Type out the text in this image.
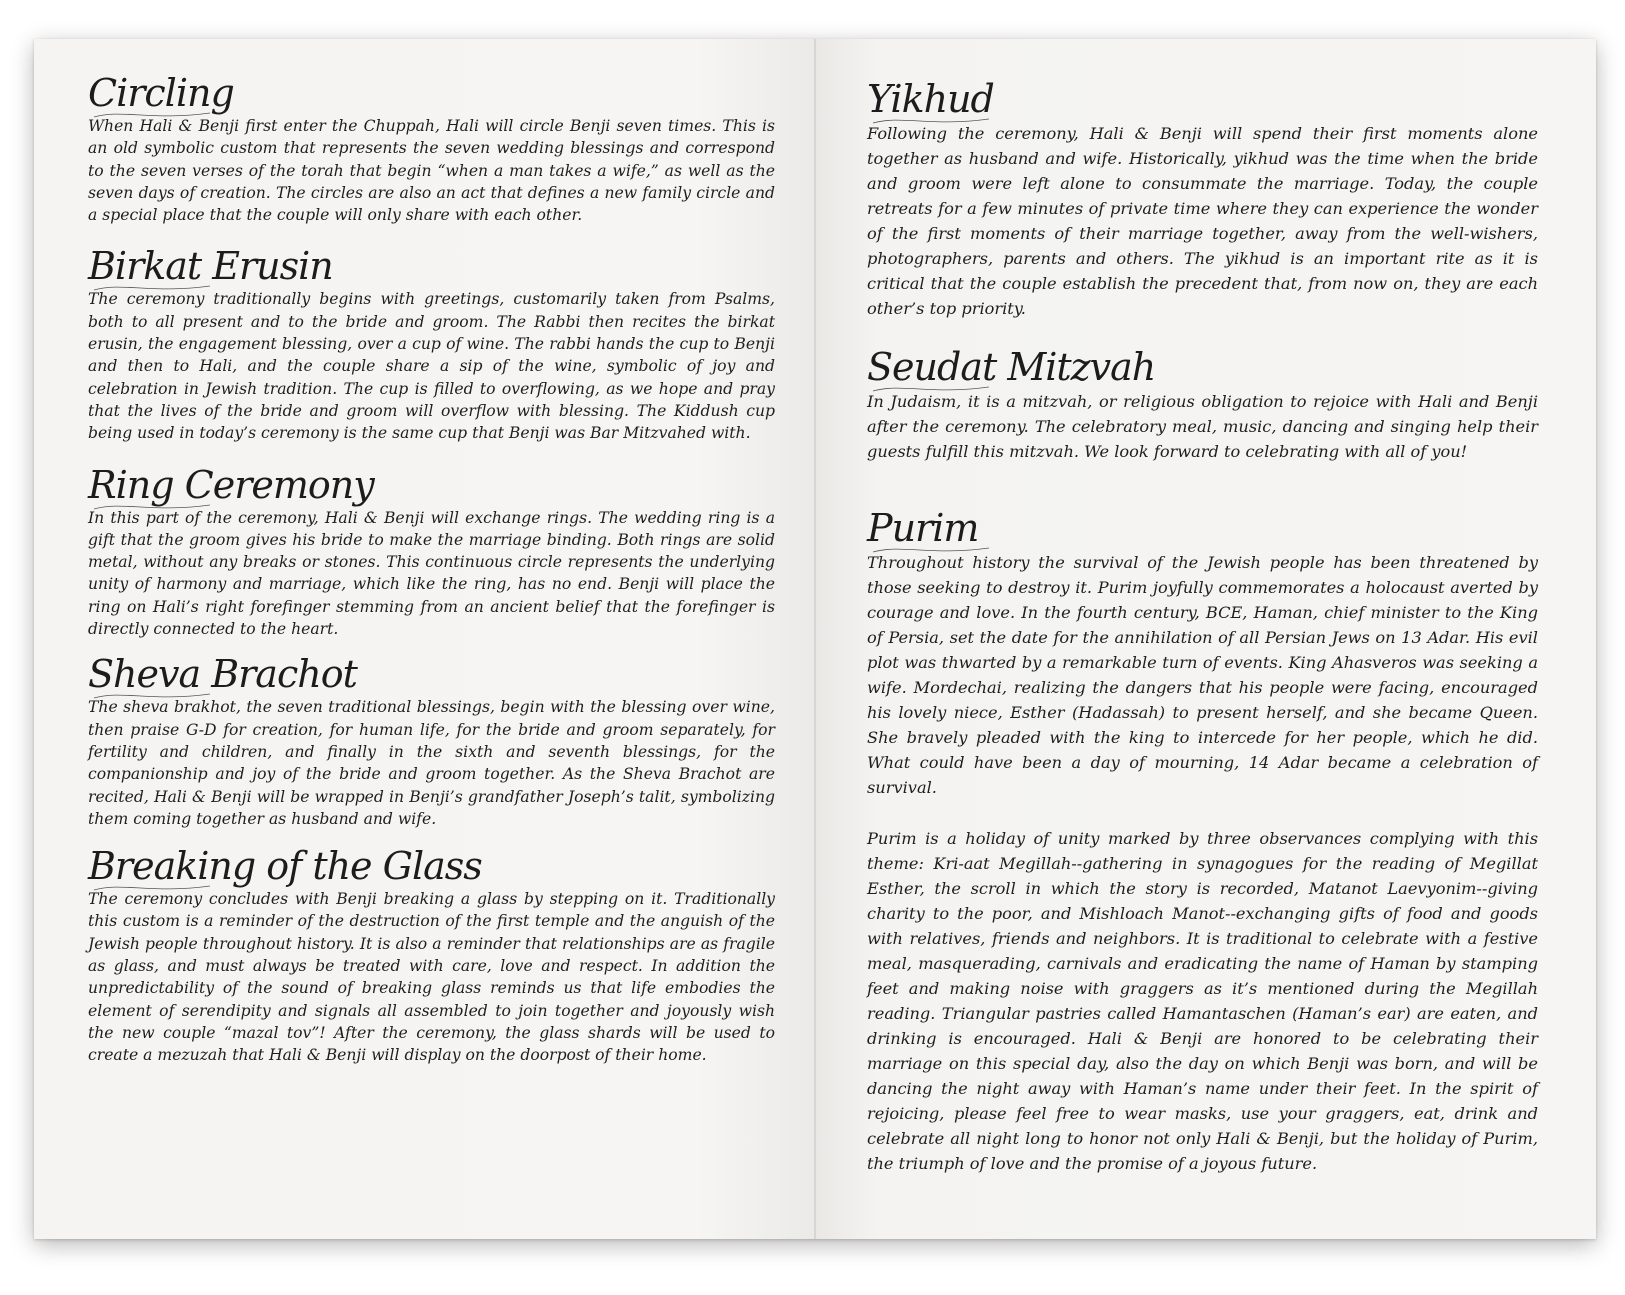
Circling

When Hali & Benji first enter the Chuppah, Hali will circle Benji seven times. This is an old symbolic custom that represents the seven wedding blessings and correspond to the seven verses of the torah that begin “when a man takes a wife,” as well as the seven days of creation. The circles are also an act that defines a new family circle and a special place that the couple will only share with each other.

Birkat Erusin

The ceremony traditionally begins with greetings, customarily taken from Psalms, both to all present and to the bride and groom. The Rabbi then recites the birkat erusin, the engagement blessing, over a cup of wine. The rabbi hands the cup to Benji and then to Hali, and the couple share a sip of the wine, symbolic of joy and celebration in Jewish tradition. The cup is filled to overflowing, as we hope and pray that the lives of the bride and groom will overflow with blessing. The Kiddush cup being used in today’s ceremony is the same cup that Benji was Bar Mitzvahed with.

Ring Ceremony

In this part of the ceremony, Hali & Benji will exchange rings. The wedding ring is a gift that the groom gives his bride to make the marriage binding. Both rings are solid metal, without any breaks or stones. This continuous circle represents the underlying unity of harmony and marriage, which like the ring, has no end. Benji will place the ring on Hali’s right forefinger stemming from an ancient belief that the forefinger is directly connected to the heart.

Sheva Brachot

The sheva brakhot, the seven traditional blessings, begin with the blessing over wine, then praise G-D for creation, for human life, for the bride and groom separately, for fertility and children, and finally in the sixth and seventh blessings, for the companionship and joy of the bride and groom together. As the Sheva Brachot are recited, Hali & Benji will be wrapped in Benji’s grandfather Joseph’s talit, symbolizing them coming together as husband and wife.

Breaking of the Glass

The ceremony concludes with Benji breaking a glass by stepping on it. Traditionally this custom is a reminder of the destruction of the first temple and the anguish of the Jewish people throughout history. It is also a reminder that relationships are as fragile as glass, and must always be treated with care, love and respect. In addition the unpredictability of the sound of breaking glass reminds us that life embodies the element of serendipity and signals all assembled to join together and joyously wish the new couple “mazal tov”! After the ceremony, the glass shards will be used to create a mezuzah that Hali & Benji will display on the doorpost of their home.

Yikhud

Following the ceremony, Hali & Benji will spend their first moments alone together as husband and wife. Historically, yikhud was the time when the bride and groom were left alone to consummate the marriage. Today, the couple retreats for a few minutes of private time where they can experience the wonder of the first moments of their marriage together, away from the well-wishers, photographers, parents and others. The yikhud is an important rite as it is critical that the couple establish the precedent that, from now on, they are each other’s top priority.

Seudat Mitzvah

In Judaism, it is a mitzvah, or religious obligation to rejoice with Hali and Benji after the ceremony. The celebratory meal, music, dancing and singing help their guests fulfill this mitzvah. We look forward to celebrating with all of you!

Purim

Throughout history the survival of the Jewish people has been threatened by those seeking to destroy it. Purim joyfully commemorates a holocaust averted by courage and love. In the fourth century, BCE, Haman, chief minister to the King of Persia, set the date for the annihilation of all Persian Jews on 13 Adar. His evil plot was thwarted by a remarkable turn of events. King Ahasveros was seeking a wife. Mordechai, realizing the dangers that his people were facing, encouraged his lovely niece, Esther (Hadassah) to present herself, and she became Queen. She bravely pleaded with the king to intercede for her people, which he did. What could have been a day of mourning, 14 Adar became a celebration of survival.

Purim is a holiday of unity marked by three observances complying with this theme: Kri-aat Megillah--gathering in synagogues for the reading of Megillat Esther, the scroll in which the story is recorded, Matanot Laevyonim--giving charity to the poor, and Mishloach Manot--exchanging gifts of food and goods with relatives, friends and neighbors. It is traditional to celebrate with a festive meal, masquerading, carnivals and eradicating the name of Haman by stamping feet and making noise with graggers as it’s mentioned during the Megillah reading. Triangular pastries called Hamantaschen (Haman’s ear) are eaten, and drinking is encouraged. Hali & Benji are honored to be celebrating their marriage on this special day, also the day on which Benji was born, and will be dancing the night away with Haman’s name under their feet. In the spirit of rejoicing, please feel free to wear masks, use your graggers, eat, drink and celebrate all night long to honor not only Hali & Benji, but the holiday of Purim, the triumph of love and the promise of a joyous future.
